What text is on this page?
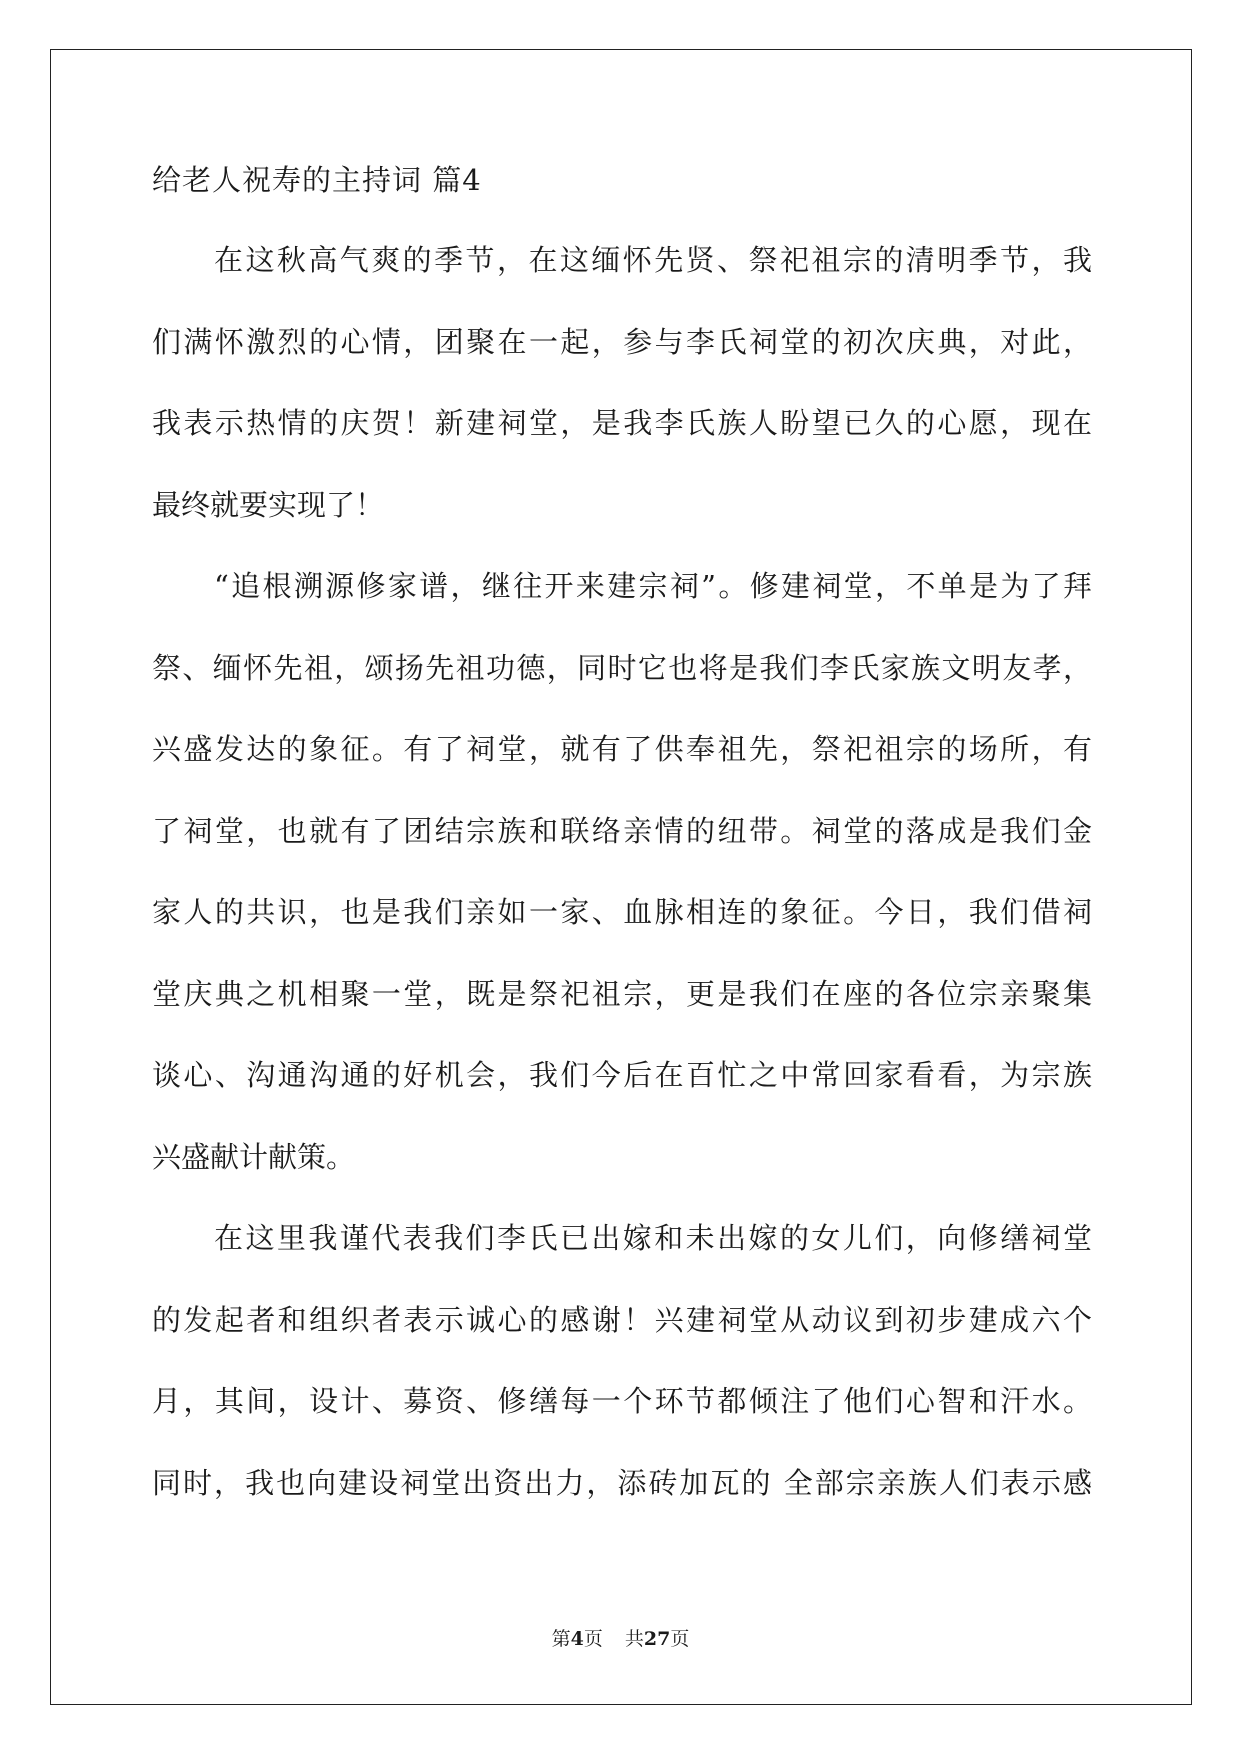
给老人祝寿的主持词 篇4
在这秋高气爽的季节，在这缅怀先贤、祭祀祖宗的清明季节，我
们满怀激烈的心情，团聚在一起，参与李氏祠堂的初次庆典，对此，
我表示热情的庆贺！新建祠堂，是我李氏族人盼望已久的心愿，现在
最终就要实现了！
“追根溯源修家谱，继往开来建宗祠”。修建祠堂，不单是为了拜
祭、缅怀先祖，颂扬先祖功德，同时它也将是我们李氏家族文明友孝，
兴盛发达的象征。有了祠堂，就有了供奉祖先，祭祀祖宗的场所，有
了祠堂，也就有了团结宗族和联络亲情的纽带。祠堂的落成是我们金
家人的共识，也是我们亲如一家、血脉相连的象征。今日，我们借祠
堂庆典之机相聚一堂，既是祭祀祖宗，更是我们在座的各位宗亲聚集
谈心、沟通沟通的好机会，我们今后在百忙之中常回家看看，为宗族
兴盛献计献策。
在这里我谨代表我们李氏已出嫁和未出嫁的女儿们，向修缮祠堂
的发起者和组织者表示诚心的感谢！兴建祠堂从动议到初步建成六个
月，其间，设计、募资、修缮每一个环节都倾注了他们心智和汗水。
同时，我也向建设祠堂出资出力，添砖加瓦的 全部宗亲族人们表示感
第4页 共27页
